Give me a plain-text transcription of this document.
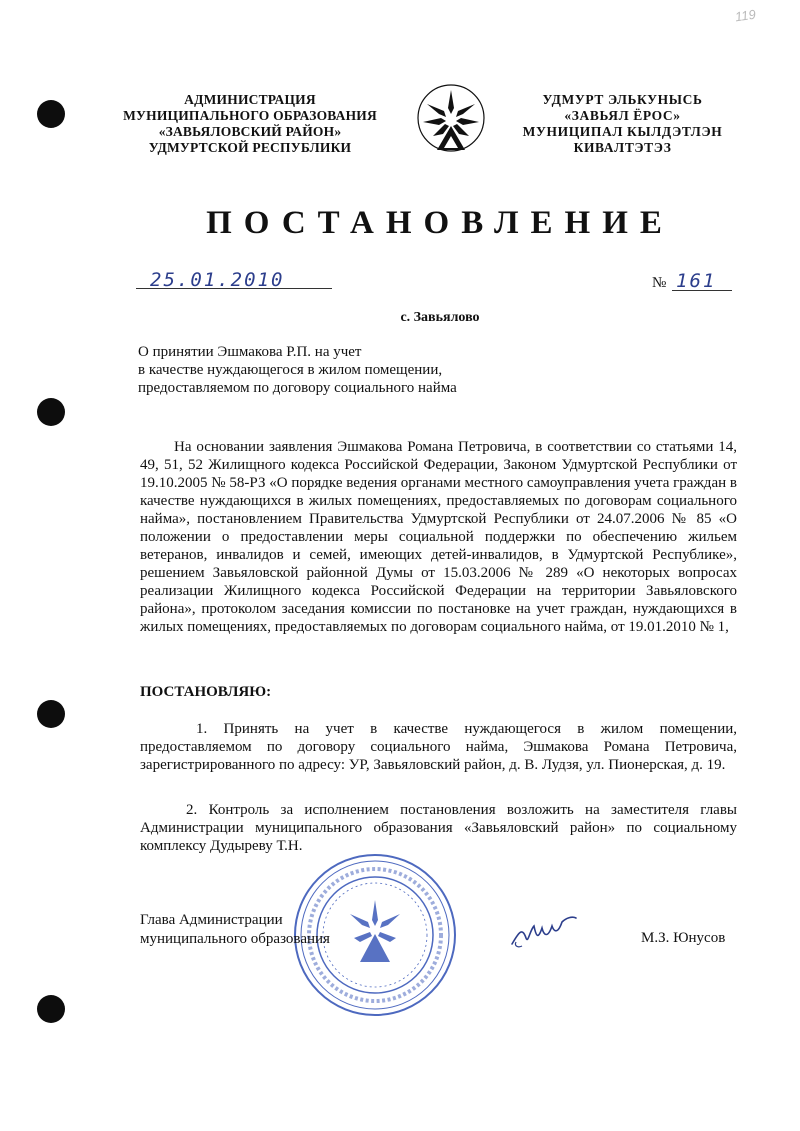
119
АДМИНИСТРАЦИЯ
МУНИЦИПАЛЬНОГО ОБРАЗОВАНИЯ
«ЗАВЬЯЛОВСКИЙ РАЙОН»
УДМУРТСКОЙ РЕСПУБЛИКИ
УДМУРТ ЭЛЬКУНЫСЬ
«ЗАВЬЯЛ ЁРОС»
МУНИЦИПАЛ КЫЛДЭТЛЭН
КИВАЛТЭТЭЗ
ПОСТАНОВЛЕНИЕ
25.01.2010	№ 161
с. Завьялово
О принятии Эшмакова Р.П. на учет
в качестве нуждающегося в жилом помещении,
предоставляемом по договору социального найма
На основании заявления Эшмакова Романа Петровича, в соответствии со статьями 14, 49, 51, 52 Жилищного кодекса Российской Федерации, Законом Удмуртской Республики от 19.10.2005 № 58-РЗ «О порядке ведения органами местного самоуправления учета граждан в качестве нуждающихся в жилых помещениях, предоставляемых по договорам социального найма», постановлением Правительства Удмуртской Республики от 24.07.2006 № 85 «О положении о предоставлении меры социальной поддержки по обеспечению жильем ветеранов, инвалидов и семей, имеющих детей-инвалидов, в Удмуртской Республике», решением Завьяловской районной Думы от 15.03.2006 № 289 «О некоторых вопросах реализации Жилищного кодекса Российской Федерации на территории Завьяловского района», протоколом заседания комиссии по постановке на учет граждан, нуждающихся в жилых помещениях, предоставляемых по договорам социального найма, от 19.01.2010 № 1,
ПОСТАНОВЛЯЮ:
1. Принять на учет в качестве нуждающегося в жилом помещении, предоставляемом по договору социального найма, Эшмакова Романа Петровича, зарегистрированного по адресу: УР, Завьяловский район, д. В. Лудзя, ул. Пионерская, д. 19.
2. Контроль за исполнением постановления возложить на заместителя главы Администрации муниципального образования «Завьяловский район» по социальному комплексу Дудыреву Т.Н.
Глава Администрации
муниципального образования	М.З. Юнусов
